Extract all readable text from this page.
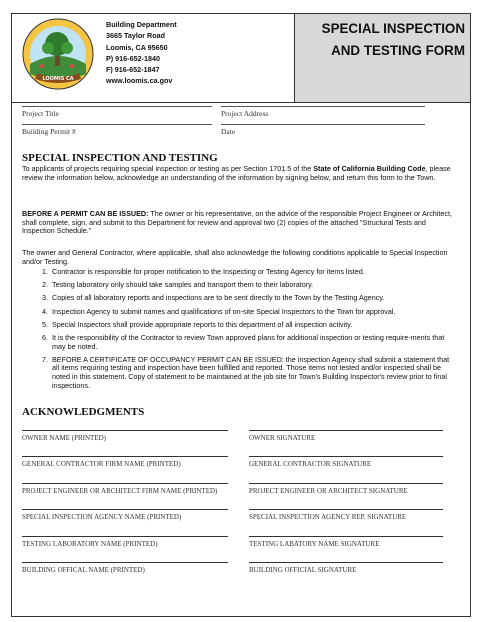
LOOMIS CA
Building Department
3665 Taylor Road
Loomis, CA 95650
P) 916-652-1840
F) 916-652-1847
www.loomis.ca.gov
SPECIAL INSPECTION
AND TESTING FORM
Project Title	Project Address
Building Permit #	Date
SPECIAL INSPECTION AND TESTING
To applicants of projects requiring special inspection or testing as per Section 1701.5 of the State of California Building Code, please review the information below, acknowledge an understanding of the information by signing below, and return this form to the Town.
BEFORE A PERMIT CAN BE ISSUED: The owner or his representative, on the advice of the responsible Project Engineer or Architect, shall complete, sign, and submit to this Department for review and approval two (2) copies of the attached "Structural Tests and Inspection Schedule."
The owner and General Contractor, where applicable, shall also acknowledge the following conditions applicable to Special Inspection and/or Testing.
1. Contractor is responsible for proper notification to the Inspecting or Testing Agency for items listed.
2. Testing laboratory only should take samples and transport them to their laboratory.
3. Copies of all laboratory reports and inspections are to be sent directly to the Town by the Testing Agency.
4. Inspection Agency to submit names and qualifications of on-site Special Inspectors to the Town for approval.
5. Special Inspectors shall provide appropriate reports to this department of all inspection activity.
6. It is the responsibility of the Contractor to review Town approved plans for additional inspection or testing require-ments that may be noted.
7. BEFORE A CERTIFICATE OF OCCUPANCY PERMIT CAN BE ISSUED: the inspection Agency shall submit a statement that all items requiring testing and inspection have been fulfilled and reported. Those items not tested and/or inspected shall be noted in this statement. Copy of statement to be maintained at the job site for Town's Building Inspector's review prior to final inspections.
ACKNOWLEDGMENTS
OWNER NAME (PRINTED)	OWNER SIGNATURE
GENERAL CONTRACTOR FIRM NAME (PRINTED)	GENERAL CONTRACTOR SIGNATURE
PROJECT ENGINEER OR ARCHITECT FIRM NAME (PRINTED)	PROJECT ENGINEER OR ARCHITECT SIGNATURE
SPECIAL INSPECTION AGENCY NAME (PRINTED)	SPECIAL INSPECTION AGENCY REP. SIGNATURE
TESTING LABORATORY NAME (PRINTED)	TESTING LABATORY NAME SIGNATURE
BUILDING OFFICAL NAME (PRINTED)	BUILDING OFFICIAL SIGNATURE
